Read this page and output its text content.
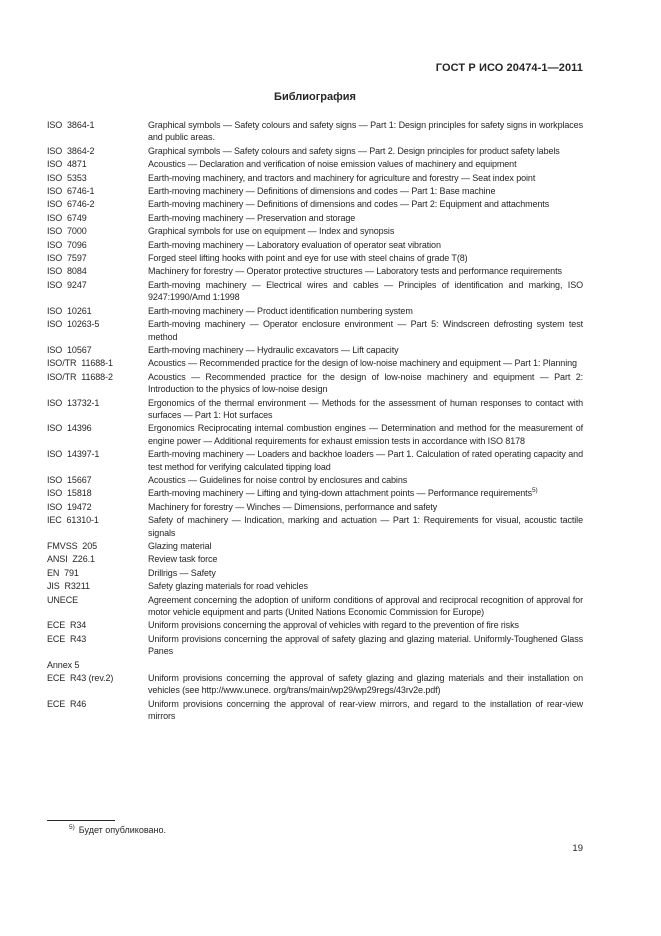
ГОСТ Р ИСО 20474-1—2011
Библиография
ISO  3864-1	Graphical symbols — Safety colours and safety signs — Part 1: Design principles for safety signs in workplaces and public areas.
ISO  3864-2	Graphical symbols — Safety colours and safety signs — Part 2. Design principles for product safety labels
ISO  4871	Acoustics — Declaration and verification of noise emission values of machinery and equipment
ISO  5353	Earth-moving machinery, and tractors and machinery for agriculture and forestry — Seat index point
ISO  6746-1	Earth-moving machinery — Definitions of dimensions and codes — Part 1: Base machine
ISO  6746-2	Earth-moving machinery — Definitions of dimensions and codes — Part 2: Equipment and attachments
ISO  6749	Earth-moving machinery — Preservation and storage
ISO  7000	Graphical symbols for use on equipment — Index and synopsis
ISO  7096	Earth-moving machinery — Laboratory evaluation of operator seat vibration
ISO  7597	Forged steel lifting hooks with point and eye for use with steel chains of grade T(8)
ISO  8084	Machinery for forestry — Operator protective structures — Laboratory tests and performance requirements
ISO  9247	Earth-moving machinery — Electrical wires and cables — Principles of identification and marking, ISO 9247:1990/Amd 1:1998
ISO  10261	Earth-moving machinery — Product identification numbering system
ISO  10263-5	Earth-moving machinery — Operator enclosure environment — Part 5: Windscreen defrosting system test method
ISO  10567	Earth-moving machinery — Hydraulic excavators — Lift capacity
ISO/TR  11688-1	Acoustics — Recommended practice for the design of low-noise machinery and equipment — Part 1: Planning
ISO/TR  11688-2	Acoustics — Recommended practice for the design of low-noise machinery and equipment — Part 2: Introduction to the physics of low-noise design
ISO  13732-1	Ergonomics of the thermal environment — Methods for the assessment of human responses to contact with surfaces — Part 1: Hot surfaces
ISO  14396	Ergonomics Reciprocating internal combustion engines — Determination and method for the measurement of engine power — Additional requirements for exhaust emission tests in accordance with ISO 8178
ISO  14397-1	Earth-moving machinery — Loaders and backhoe loaders — Part 1. Calculation of rated operating capacity and test method for verifying calculated tipping load
ISO  15667	Acoustics — Guidelines for noise control by enclosures and cabins
ISO  15818	Earth-moving machinery — Lifting and tying-down attachment points — Performance requirements$^{5)}$
ISO  19472	Machinery for forestry — Winches — Dimensions, performance and safety
IEC  61310-1	Safety of machinery — Indication, marking and actuation — Part 1: Requirements for visual, acoustic tactile signals
FMVSS  205	Glazing material
ANSI  Z26.1	Review task force
EN  791	Drillrigs — Safety
JIS  R3211	Safety glazing materials for road vehicles
UNECE	Agreement concerning the adoption of uniform conditions of approval and reciprocal recognition of approval for motor vehicle equipment and parts (United Nations Economic Commission for Europe)
ECE  R34	Uniform provisions concerning the approval of vehicles with regard to the prevention of fire risks
ECE  R43	Uniform provisions concerning the approval of safety glazing and glazing material. Uniformly-Toughened Glass Panes
Annex 5
ECE  R43 (rev.2)	Uniform provisions concerning the approval of safety glazing and glazing materials and their installation on vehicles (see http://www.unece. org/trans/main/wp29/wp29regs/43rv2e.pdf)
ECE  R46	Uniform provisions concerning the approval of rear-view mirrors, and regard to the installation of rear-view mirrors
$^{5)}$ Будет опубликовано.
19
